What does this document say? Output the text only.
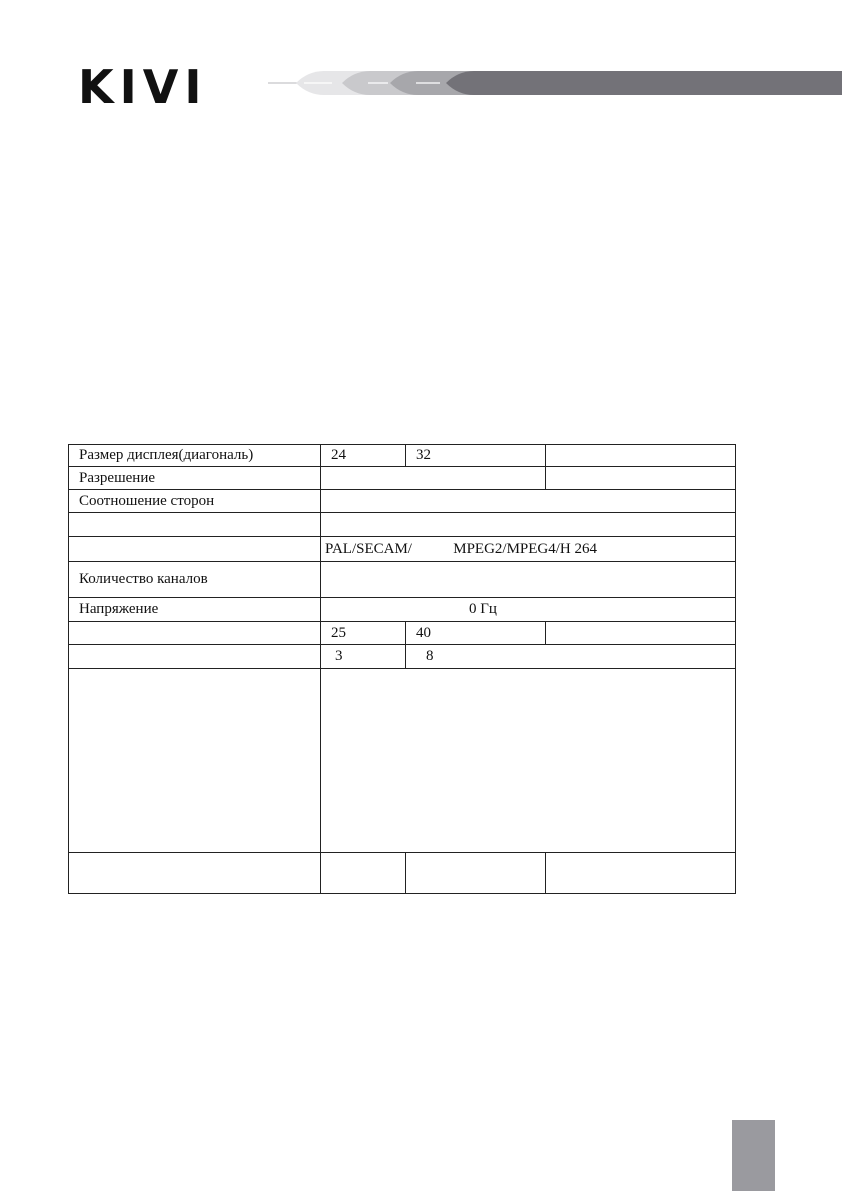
KIVI
Размер дисплея(диагональ)	24	32	
Разрешение			
Соотношение сторон			

	PAL/SECAM/           MPEG2/MPEG4/H 264		
Количество каналов			
Напряжение	0 Гц		
	25	40	
	3	8	
